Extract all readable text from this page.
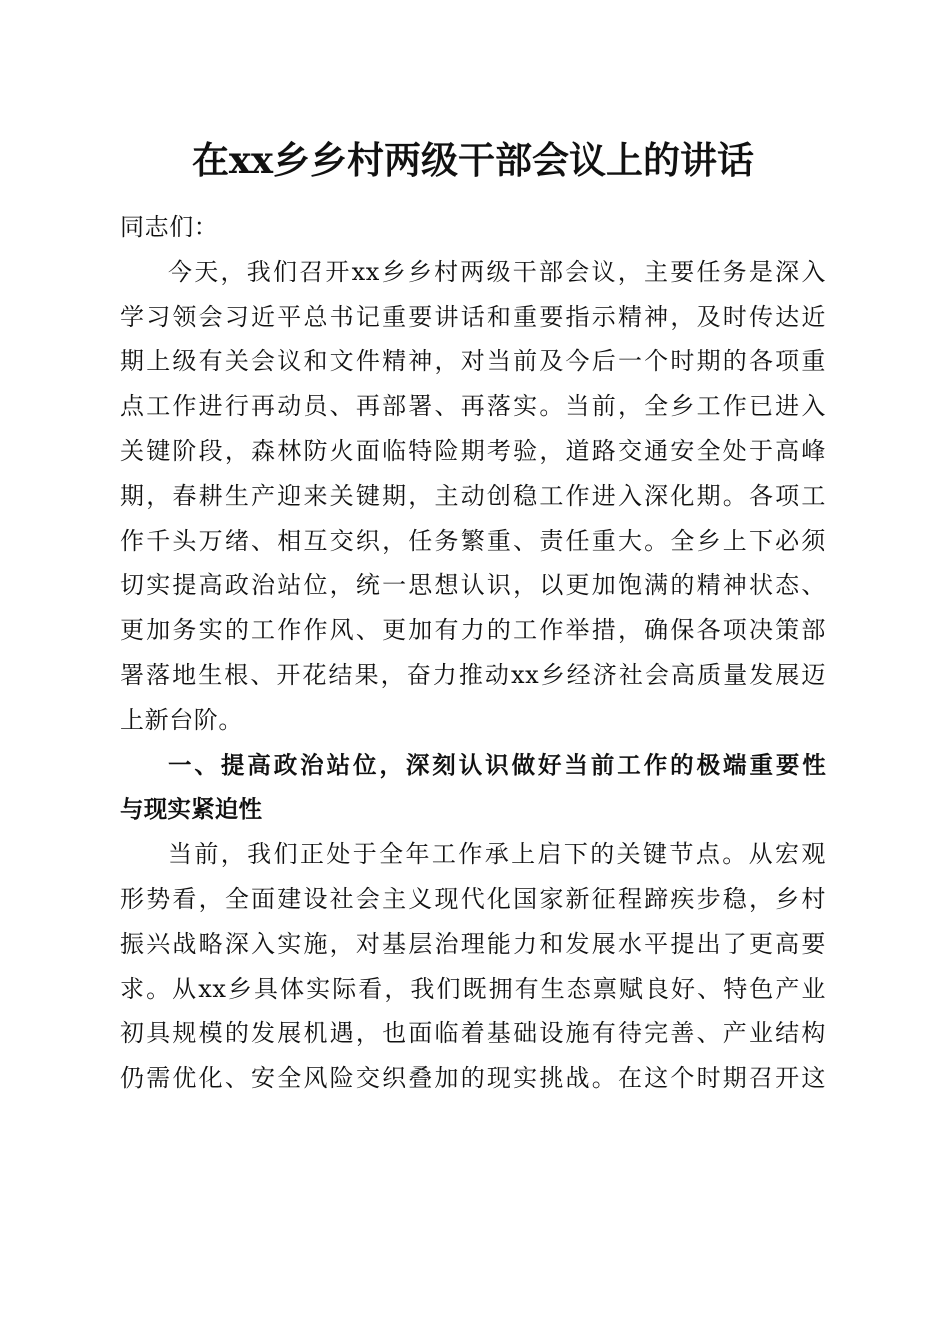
在xx乡乡村两级干部会议上的讲话

同志们：

今天，我们召开xx乡乡村两级干部会议，主要任务是深入

学习领会习近平总书记重要讲话和重要指示精神，及时传达近

期上级有关会议和文件精神，对当前及今后一个时期的各项重

点工作进行再动员、再部署、再落实。当前，全乡工作已进入

关键阶段，森林防火面临特险期考验，道路交通安全处于高峰

期，春耕生产迎来关键期，主动创稳工作进入深化期。各项工

作千头万绪、相互交织，任务繁重、责任重大。全乡上下必须

切实提高政治站位，统一思想认识，以更加饱满的精神状态、

更加务实的工作作风、更加有力的工作举措，确保各项决策部

署落地生根、开花结果，奋力推动xx乡经济社会高质量发展迈

上新台阶。

一、提高政治站位，深刻认识做好当前工作的极端重要性

与现实紧迫性

当前，我们正处于全年工作承上启下的关键节点。从宏观

形势看，全面建设社会主义现代化国家新征程蹄疾步稳，乡村

振兴战略深入实施，对基层治理能力和发展水平提出了更高要

求。从xx乡具体实际看，我们既拥有生态禀赋良好、特色产业

初具规模的发展机遇，也面临着基础设施有待完善、产业结构

仍需优化、安全风险交织叠加的现实挑战。在这个时期召开这
